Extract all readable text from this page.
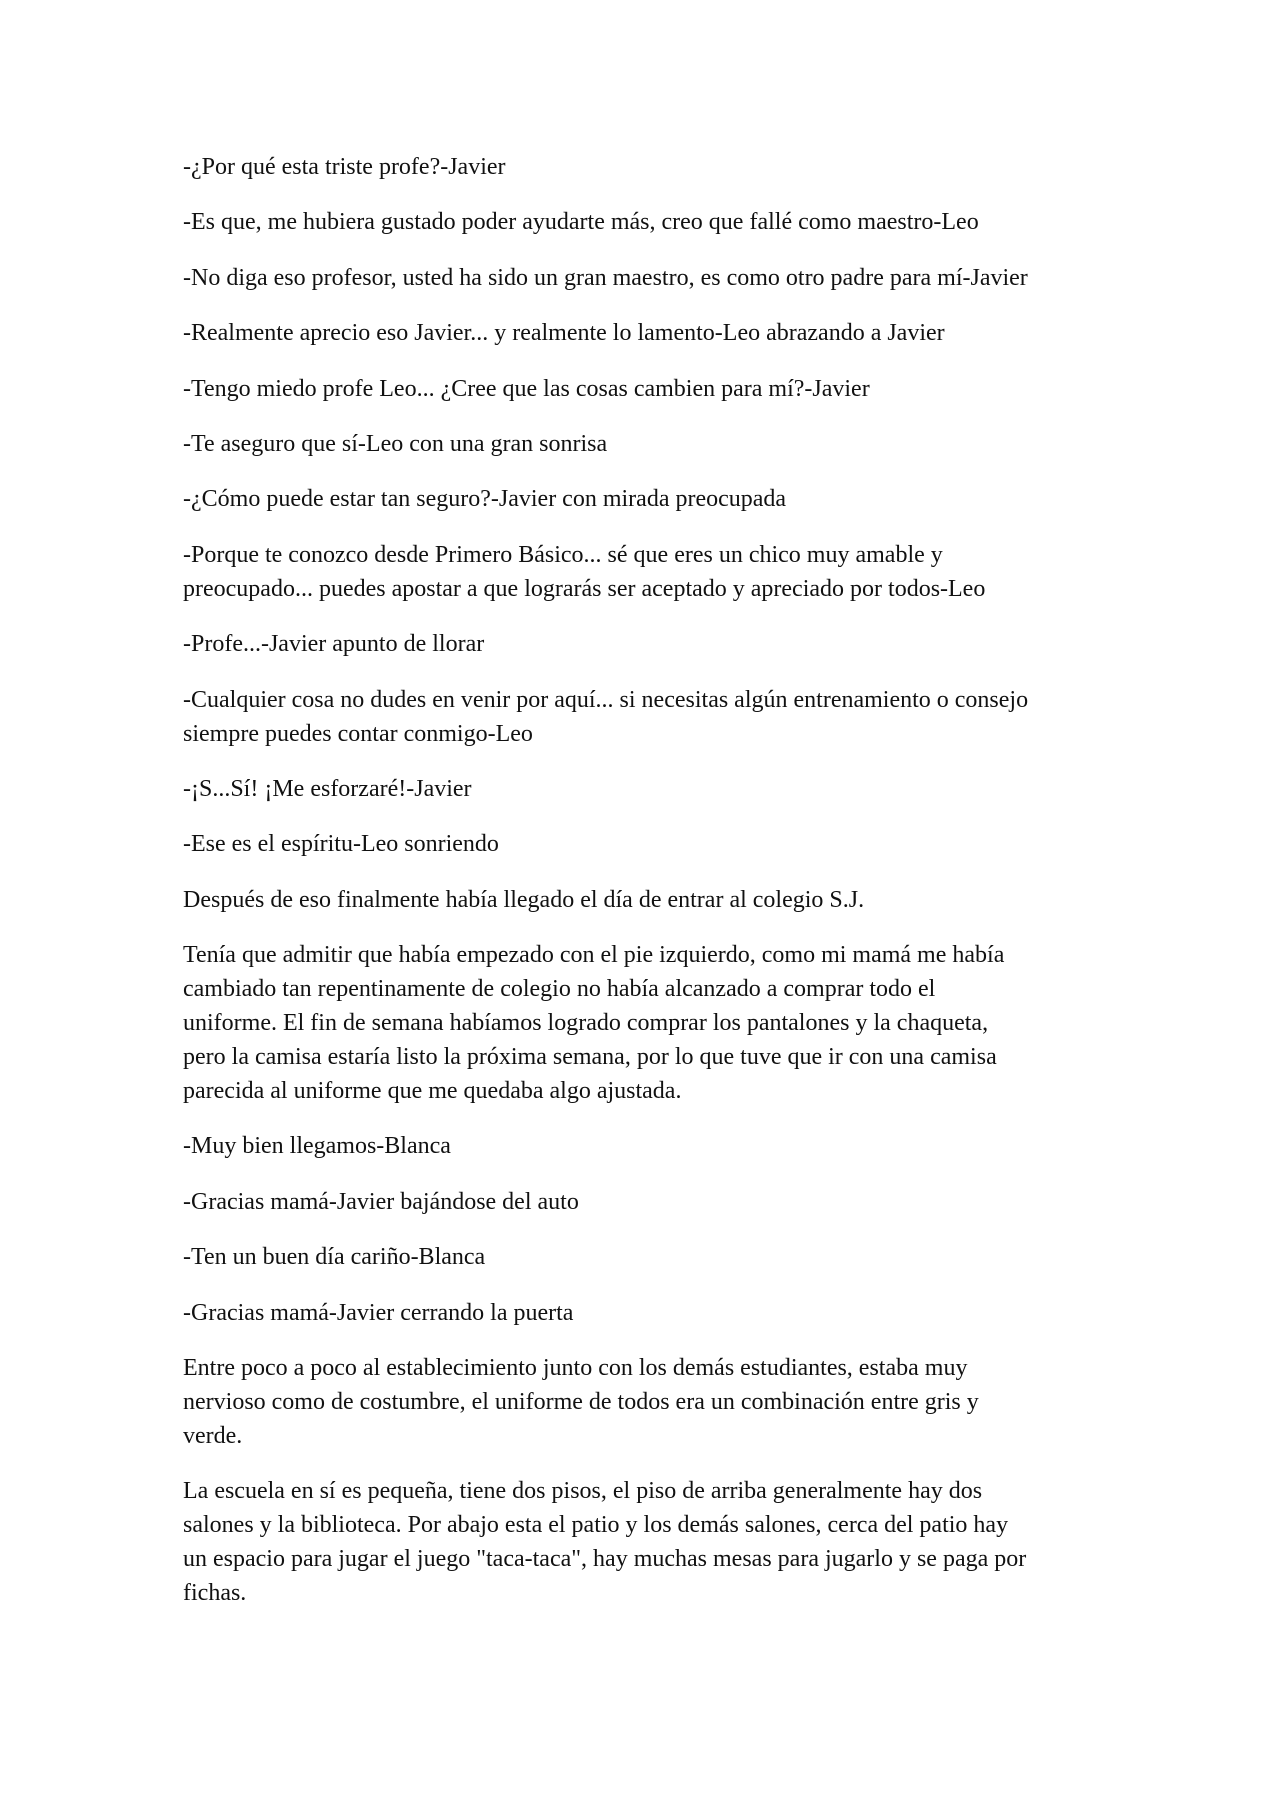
-¿Por qué esta triste profe?-Javier

-Es que, me hubiera gustado poder ayudarte más, creo que fallé como maestro-Leo

-No diga eso profesor, usted ha sido un gran maestro, es como otro padre para mí-Javier

-Realmente aprecio eso Javier... y realmente lo lamento-Leo abrazando a Javier

-Tengo miedo profe Leo... ¿Cree que las cosas cambien para mí?-Javier

-Te aseguro que sí-Leo con una gran sonrisa

-¿Cómo puede estar tan seguro?-Javier con mirada preocupada

-Porque te conozco desde Primero Básico... sé que eres un chico muy amable y
preocupado... puedes apostar a que lograrás ser aceptado y apreciado por todos-Leo

-Profe...-Javier apunto de llorar

-Cualquier cosa no dudes en venir por aquí... si necesitas algún entrenamiento o consejo
siempre puedes contar conmigo-Leo

-¡S...Sí! ¡Me esforzaré!-Javier

-Ese es el espíritu-Leo sonriendo

Después de eso finalmente había llegado el día de entrar al colegio S.J.

Tenía que admitir que había empezado con el pie izquierdo, como mi mamá me había
cambiado tan repentinamente de colegio no había alcanzado a comprar todo el
uniforme. El fin de semana habíamos logrado comprar los pantalones y la chaqueta,
pero la camisa estaría listo la próxima semana, por lo que tuve que ir con una camisa
parecida al uniforme que me quedaba algo ajustada.

-Muy bien llegamos-Blanca

-Gracias mamá-Javier bajándose del auto

-Ten un buen día cariño-Blanca

-Gracias mamá-Javier cerrando la puerta

Entre poco a poco al establecimiento junto con los demás estudiantes, estaba muy
nervioso como de costumbre, el uniforme de todos era un combinación entre gris y
verde.

La escuela en sí es pequeña, tiene dos pisos, el piso de arriba generalmente hay dos
salones y la biblioteca. Por abajo esta el patio y los demás salones, cerca del patio hay
un espacio para jugar el juego "taca-taca", hay muchas mesas para jugarlo y se paga por
fichas.
